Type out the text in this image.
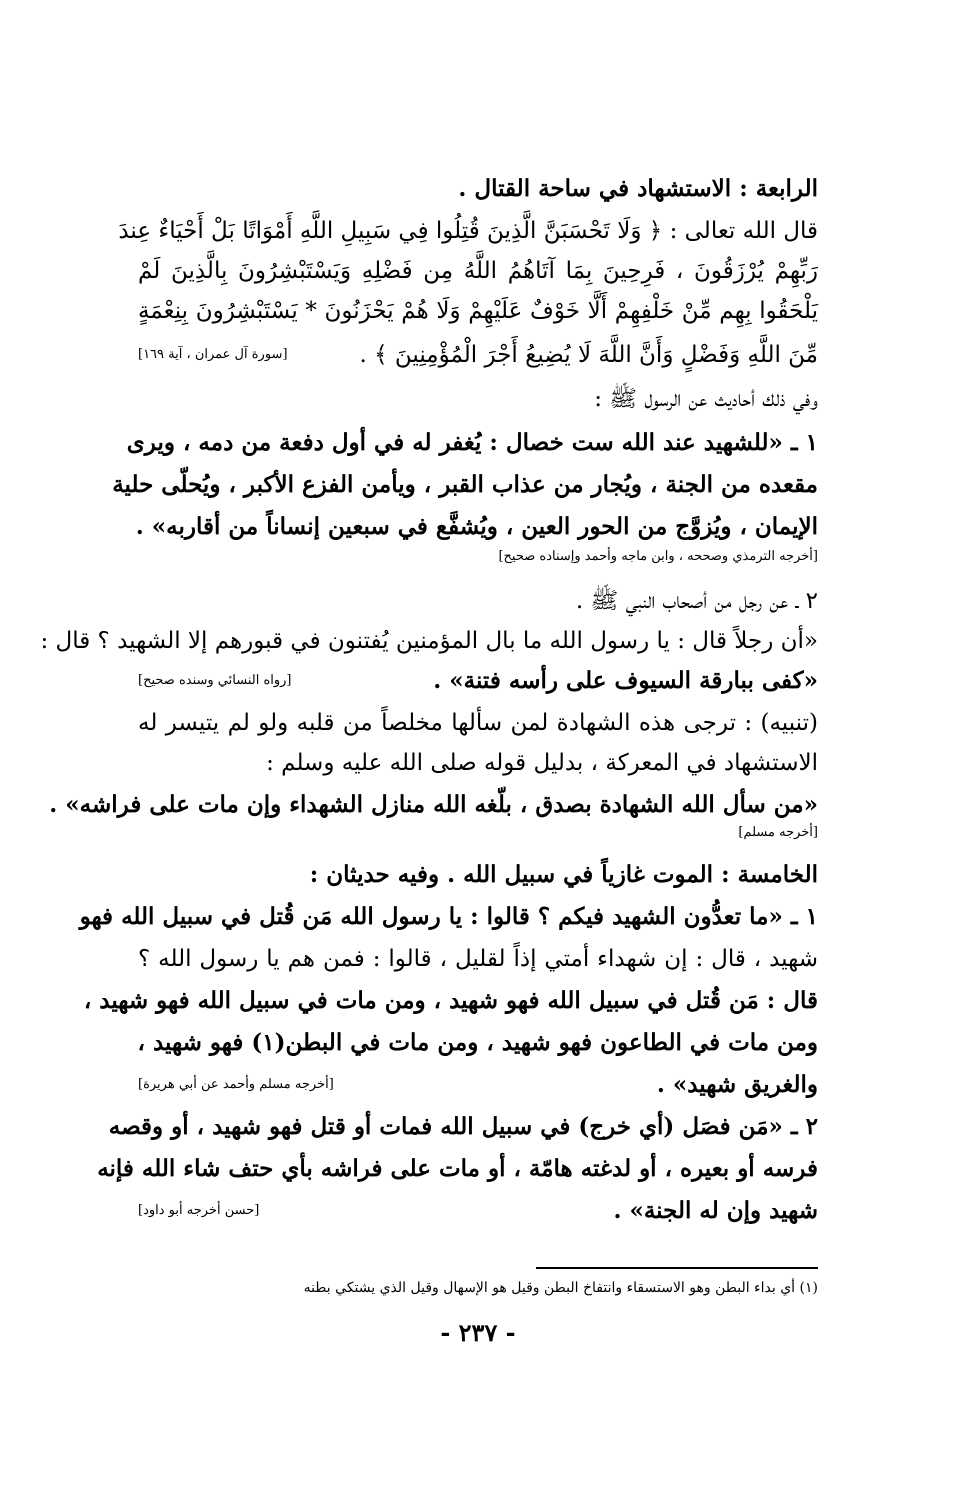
الرابعة : الاستشهاد في ساحة القتال .
قال الله تعالى : ﴿ وَلَا تَحْسَبَنَّ الَّذِينَ قُتِلُوا فِي سَبِيلِ اللَّهِ أَمْوَاتًا بَلْ أَحْيَاءٌ عِندَ
رَبِّهِمْ يُرْزَقُونَ ، فَرِحِينَ بِمَا آتَاهُمُ اللَّهُ مِن فَضْلِهِ وَيَسْتَبْشِرُونَ بِالَّذِينَ لَمْ
يَلْحَقُوا بِهِم مِّنْ خَلْفِهِمْ أَلَّا خَوْفٌ عَلَيْهِمْ وَلَا هُمْ يَحْزَنُونَ * يَسْتَبْشِرُونَ بِنِعْمَةٍ
مِّنَ اللَّهِ وَفَضْلٍ وَأَنَّ اللَّهَ لَا يُضِيعُ أَجْرَ الْمُؤْمِنِينَ ﴾ .
[سورة آل عمران ، آية ١٦٩]
وفي ذلك أحاديث عن الرسول ﷺ :
١ ـ «للشهيد عند الله ست خصال : يُغفر له في أول دفعة من دمه ، ويرى
مقعده من الجنة ، ويُجار من عذاب القبر ، ويأمن الفزع الأكبر ، ويُحلّى حلية
الإيمان ، ويُزوَّج من الحور العين ، ويُشفَّع في سبعين إنساناً من أقاربه» .
[أخرجه الترمذي وصححه ، وابن ماجه وأحمد وإسناده صحيح]
٢ ـ عن رجل من أصحاب النبي ﷺ .
«أن رجلاً قال : يا رسول الله ما بال المؤمنين يُفتنون في قبورهم إلا الشهيد ؟ قال :
«كفى ببارقة السيوف على رأسه فتنة» .
[رواه النسائي وسنده صحيح]
(تنبيه) : ترجى هذه الشهادة لمن سألها مخلصاً من قلبه ولو لم يتيسر له
الاستشهاد في المعركة ، بدليل قوله صلى الله عليه وسلم :
«من سأل الله الشهادة بصدق ، بلّغه الله منازل الشهداء وإن مات على فراشه» .
[أخرجه مسلم]
الخامسة : الموت غازياً في سبيل الله . وفيه حديثان :
١ ـ «ما تعدُّون الشهيد فيكم ؟ قالوا : يا رسول الله مَن قُتل في سبيل الله فهو
شهيد ، قال : إن شهداء أمتي إذاً لقليل ، قالوا : فمن هم يا رسول الله ؟
قال : مَن قُتل في سبيل الله فهو شهيد ، ومن مات في سبيل الله فهو شهيد ،
ومن مات في الطاعون فهو شهيد ، ومن مات في البطن(١) فهو شهيد ،
والغريق شهيد» .
[أخرجه مسلم وأحمد عن أبي هريرة]
٢ ـ «مَن فصَل (أي خرج) في سبيل الله فمات أو قتل فهو شهيد ، أو وقصه
فرسه أو بعيره ، أو لدغته هامّة ، أو مات على فراشه بأي حتف شاء الله فإنه
شهيد وإن له الجنة» .
[حسن أخرجه أبو داود]
(١) أي بداء البطن وهو الاستسقاء وانتفاخ البطن وقيل هو الإسهال وقيل الذي يشتكي بطنه
- ٢٣٧ -
